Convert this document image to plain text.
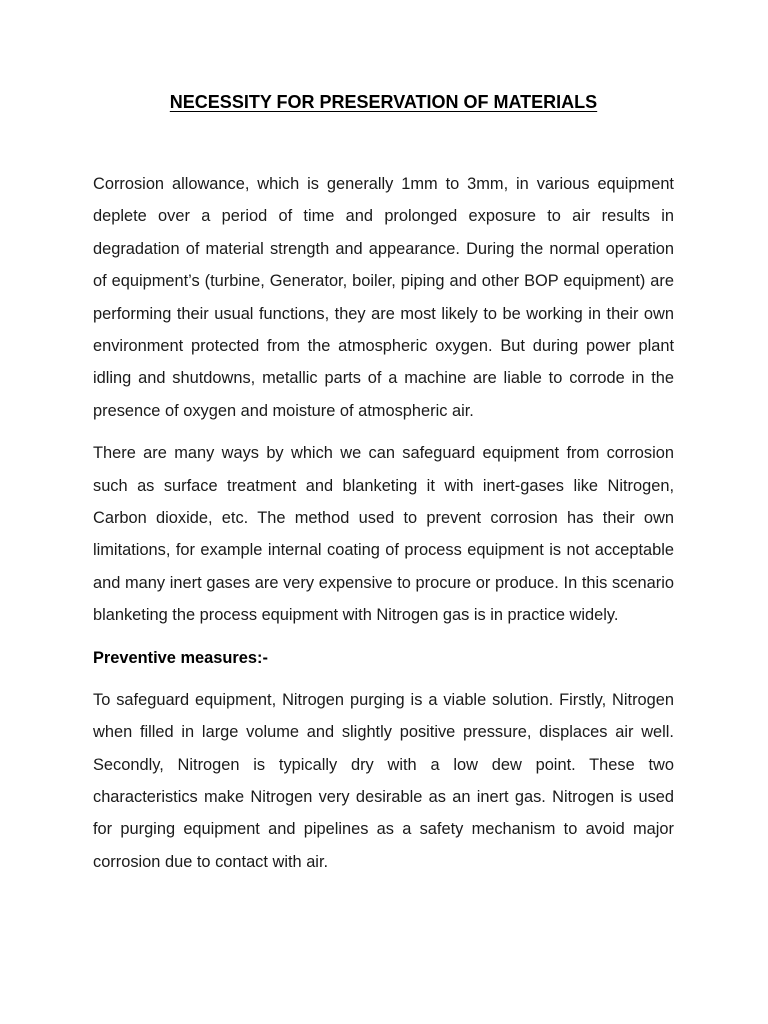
NECESSITY FOR PRESERVATION OF MATERIALS

Corrosion allowance, which is generally 1mm to 3mm, in various equipment deplete over a period of time and prolonged exposure to air results in degradation of material strength and appearance. During the normal operation of equipment’s (turbine, Generator, boiler, piping and other BOP equipment) are performing their usual functions, they are most likely to be working in their own environment protected from the atmospheric oxygen. But during power plant idling and shutdowns, metallic parts of a machine are liable to corrode in the presence of oxygen and moisture of atmospheric air.

There are many ways by which we can safeguard equipment from corrosion such as surface treatment and blanketing it with inert-gases like Nitrogen, Carbon dioxide, etc. The method used to prevent corrosion has their own limitations, for example internal coating of process equipment is not acceptable and many inert gases are very expensive to procure or produce. In this scenario blanketing the process equipment with Nitrogen gas is in practice widely.

Preventive measures:-

To safeguard equipment, Nitrogen purging is a viable solution. Firstly, Nitrogen when filled in large volume and slightly positive pressure, displaces air well. Secondly, Nitrogen is typically dry with a low dew point. These two characteristics make Nitrogen very desirable as an inert gas. Nitrogen is used for purging equipment and pipelines as a safety mechanism to avoid major corrosion due to contact with air.
